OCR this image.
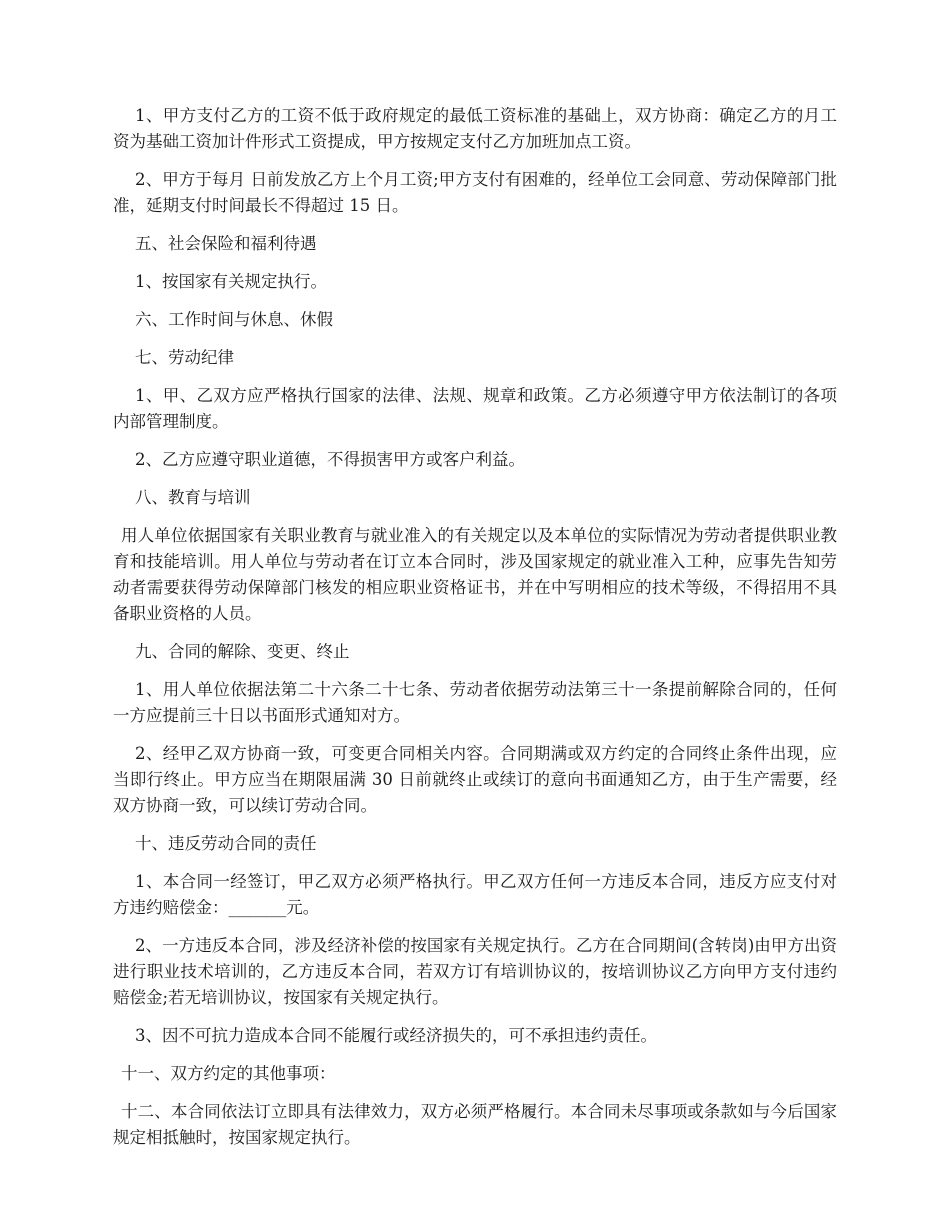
1、甲方支付乙方的工资不低于政府规定的最低工资标准的基础上，双方协商：确定乙方的月工资为基础工资加计件形式工资提成，甲方按规定支付乙方加班加点工资。

2、甲方于每月 日前发放乙方上个月工资;甲方支付有困难的，经单位工会同意、劳动保障部门批准，延期支付时间最长不得超过 15 日。

五、社会保险和福利待遇

1、按国家有关规定执行。

六、工作时间与休息、休假

七、劳动纪律

1、甲、乙双方应严格执行国家的法律、法规、规章和政策。乙方必须遵守甲方依法制订的各项内部管理制度。

2、乙方应遵守职业道德，不得损害甲方或客户利益。

八、教育与培训

用人单位依据国家有关职业教育与就业准入的有关规定以及本单位的实际情况为劳动者提供职业教育和技能培训。用人单位与劳动者在订立本合同时，涉及国家规定的就业准入工种，应事先告知劳动者需要获得劳动保障部门核发的相应职业资格证书，并在中写明相应的技术等级，不得招用不具备职业资格的人员。

九、合同的解除、变更、终止

1、用人单位依据法第二十六条二十七条、劳动者依据劳动法第三十一条提前解除合同的，任何一方应提前三十日以书面形式通知对方。

2、经甲乙双方协商一致，可变更合同相关内容。合同期满或双方约定的合同终止条件出现，应当即行终止。甲方应当在期限届满 30 日前就终止或续订的意向书面通知乙方，由于生产需要，经双方协商一致，可以续订劳动合同。

十、违反劳动合同的责任

1、本合同一经签订，甲乙双方必须严格执行。甲乙双方任何一方违反本合同，违反方应支付对方违约赔偿金：_______元。

2、一方违反本合同，涉及经济补偿的按国家有关规定执行。乙方在合同期间(含转岗)由甲方出资进行职业技术培训的，乙方违反本合同，若双方订有培训协议的，按培训协议乙方向甲方支付违约赔偿金;若无培训协议，按国家有关规定执行。

3、因不可抗力造成本合同不能履行或经济损失的，可不承担违约责任。

十一、双方约定的其他事项：

十二、本合同依法订立即具有法律效力，双方必须严格履行。本合同未尽事项或条款如与今后国家规定相抵触时，按国家规定执行。
